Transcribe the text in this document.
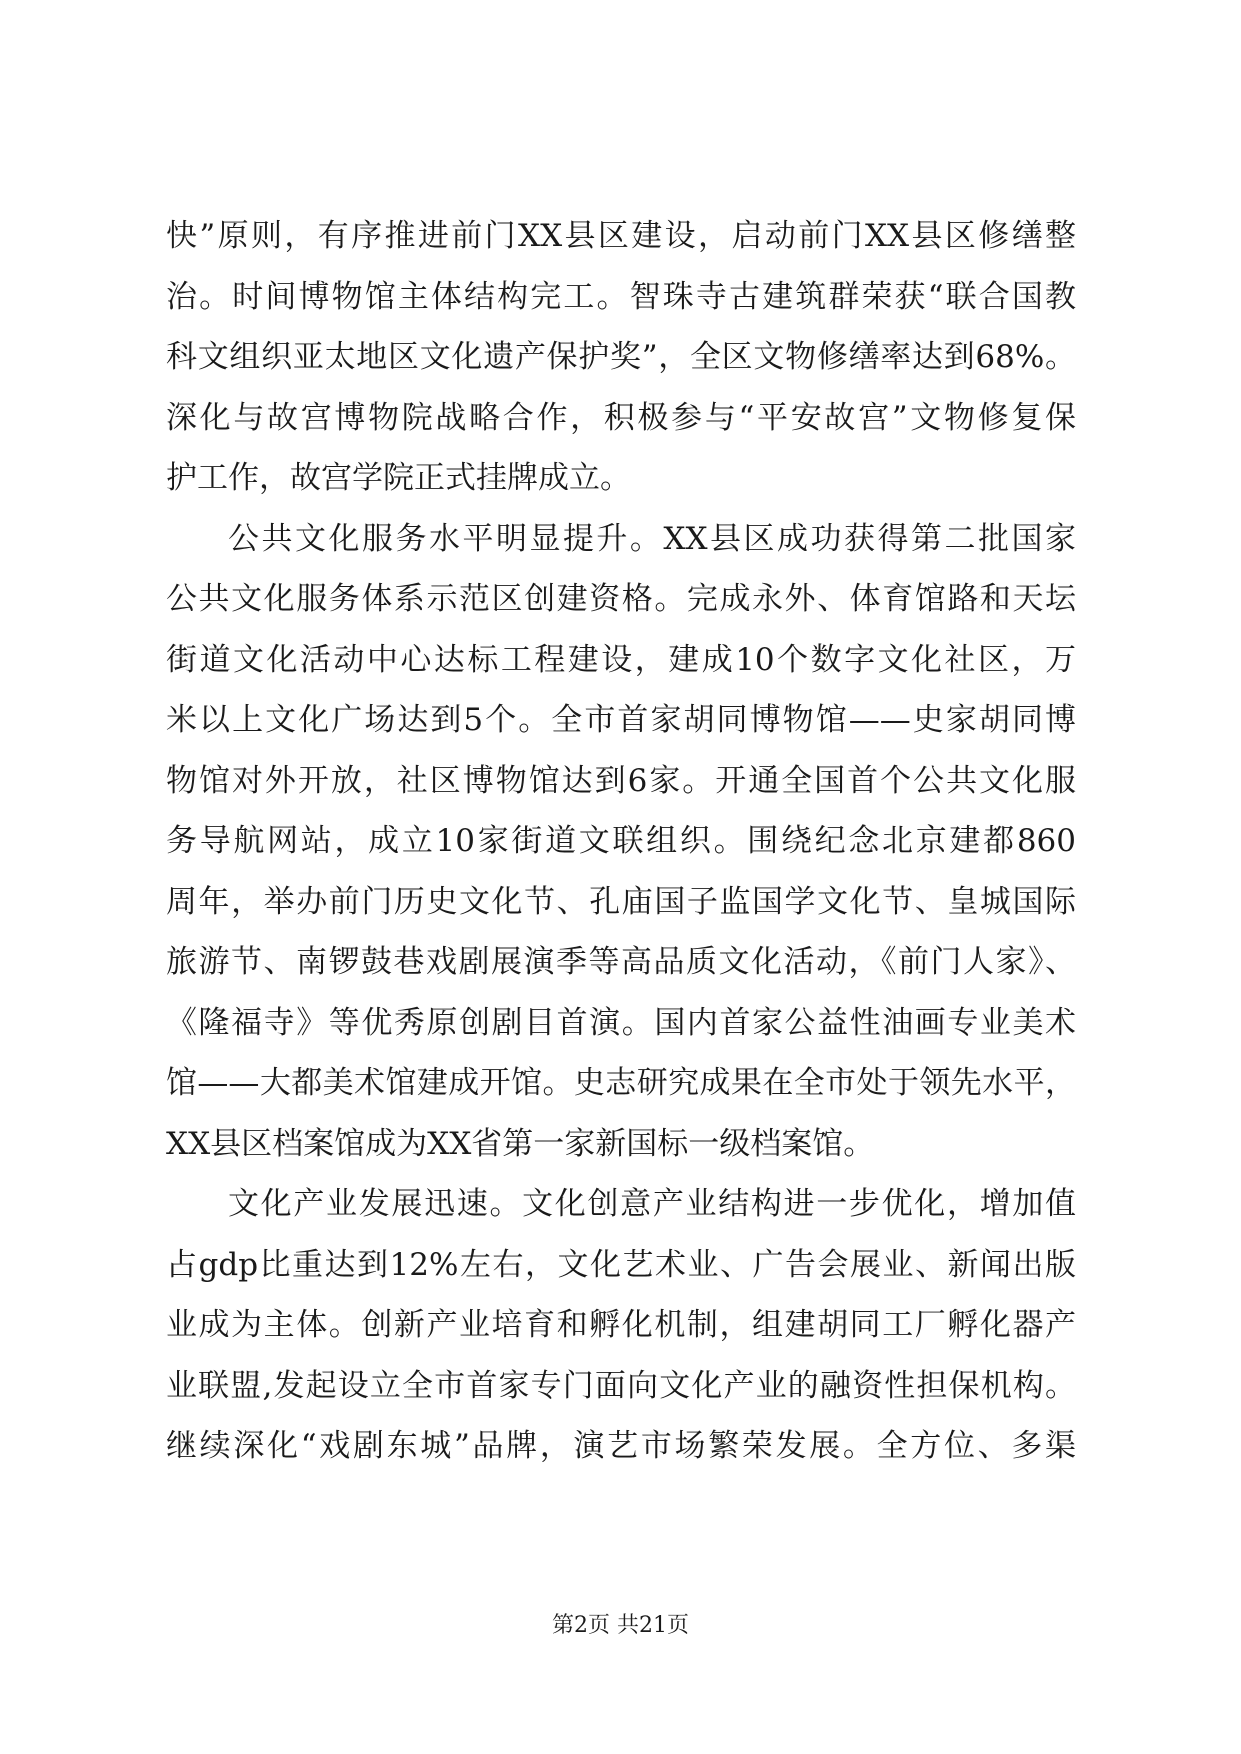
快”原则，有序推进前门XX县区建设，启动前门XX县区修缮整
治。时间博物馆主体结构完工。智珠寺古建筑群荣获“联合国教
科文组织亚太地区文化遗产保护奖”，全区文物修缮率达到68%。
深化与故宫博物院战略合作，积极参与“平安故宫”文物修复保
护工作，故宫学院正式挂牌成立。
公共文化服务水平明显提升。XX县区成功获得第二批国家
公共文化服务体系示范区创建资格。完成永外、体育馆路和天坛
街道文化活动中心达标工程建设，建成10个数字文化社区，万
米以上文化广场达到5个。全市首家胡同博物馆——史家胡同博
物馆对外开放，社区博物馆达到6家。开通全国首个公共文化服
务导航网站，成立10家街道文联组织。围绕纪念北京建都860
周年，举办前门历史文化节、孔庙国子监国学文化节、皇城国际
旅游节、南锣鼓巷戏剧展演季等高品质文化活动，《前门人家》、
《隆福寺》等优秀原创剧目首演。国内首家公益性油画专业美术
馆——大都美术馆建成开馆。史志研究成果在全市处于领先水平，
XX县区档案馆成为XX省第一家新国标一级档案馆。
文化产业发展迅速。文化创意产业结构进一步优化，增加值
占gdp比重达到12%左右，文化艺术业、广告会展业、新闻出版
业成为主体。创新产业培育和孵化机制，组建胡同工厂孵化器产
业联盟,发起设立全市首家专门面向文化产业的融资性担保机构。
继续深化“戏剧东城”品牌，演艺市场繁荣发展。全方位、多渠
第2页 共21页
